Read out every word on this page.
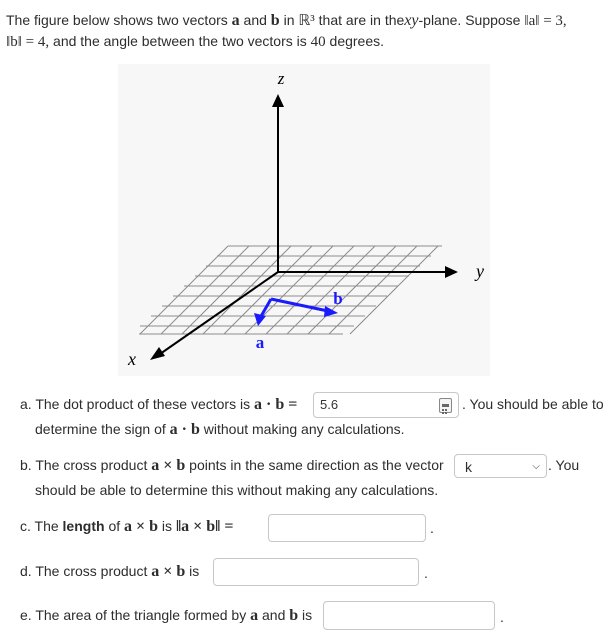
The figure below shows two vectors a and b in ℝ³ that are in thexy-plane. Suppose ‖a‖ = 3,
‖b‖ = 4, and the angle between the two vectors is 40 degrees.
z
y
x
a
b
a. The dot product of these vectors is a · b =	5.6	. You should be able to
determine the sign of a · b without making any calculations.
b. The cross product a × b points in the same direction as the vector	k	⌵ . You
should be able to determine this without making any calculations.
c. The length of a × b is ‖a × b‖ =	.
d. The cross product a × b is	.
e. The area of the triangle formed by a and b is	.
